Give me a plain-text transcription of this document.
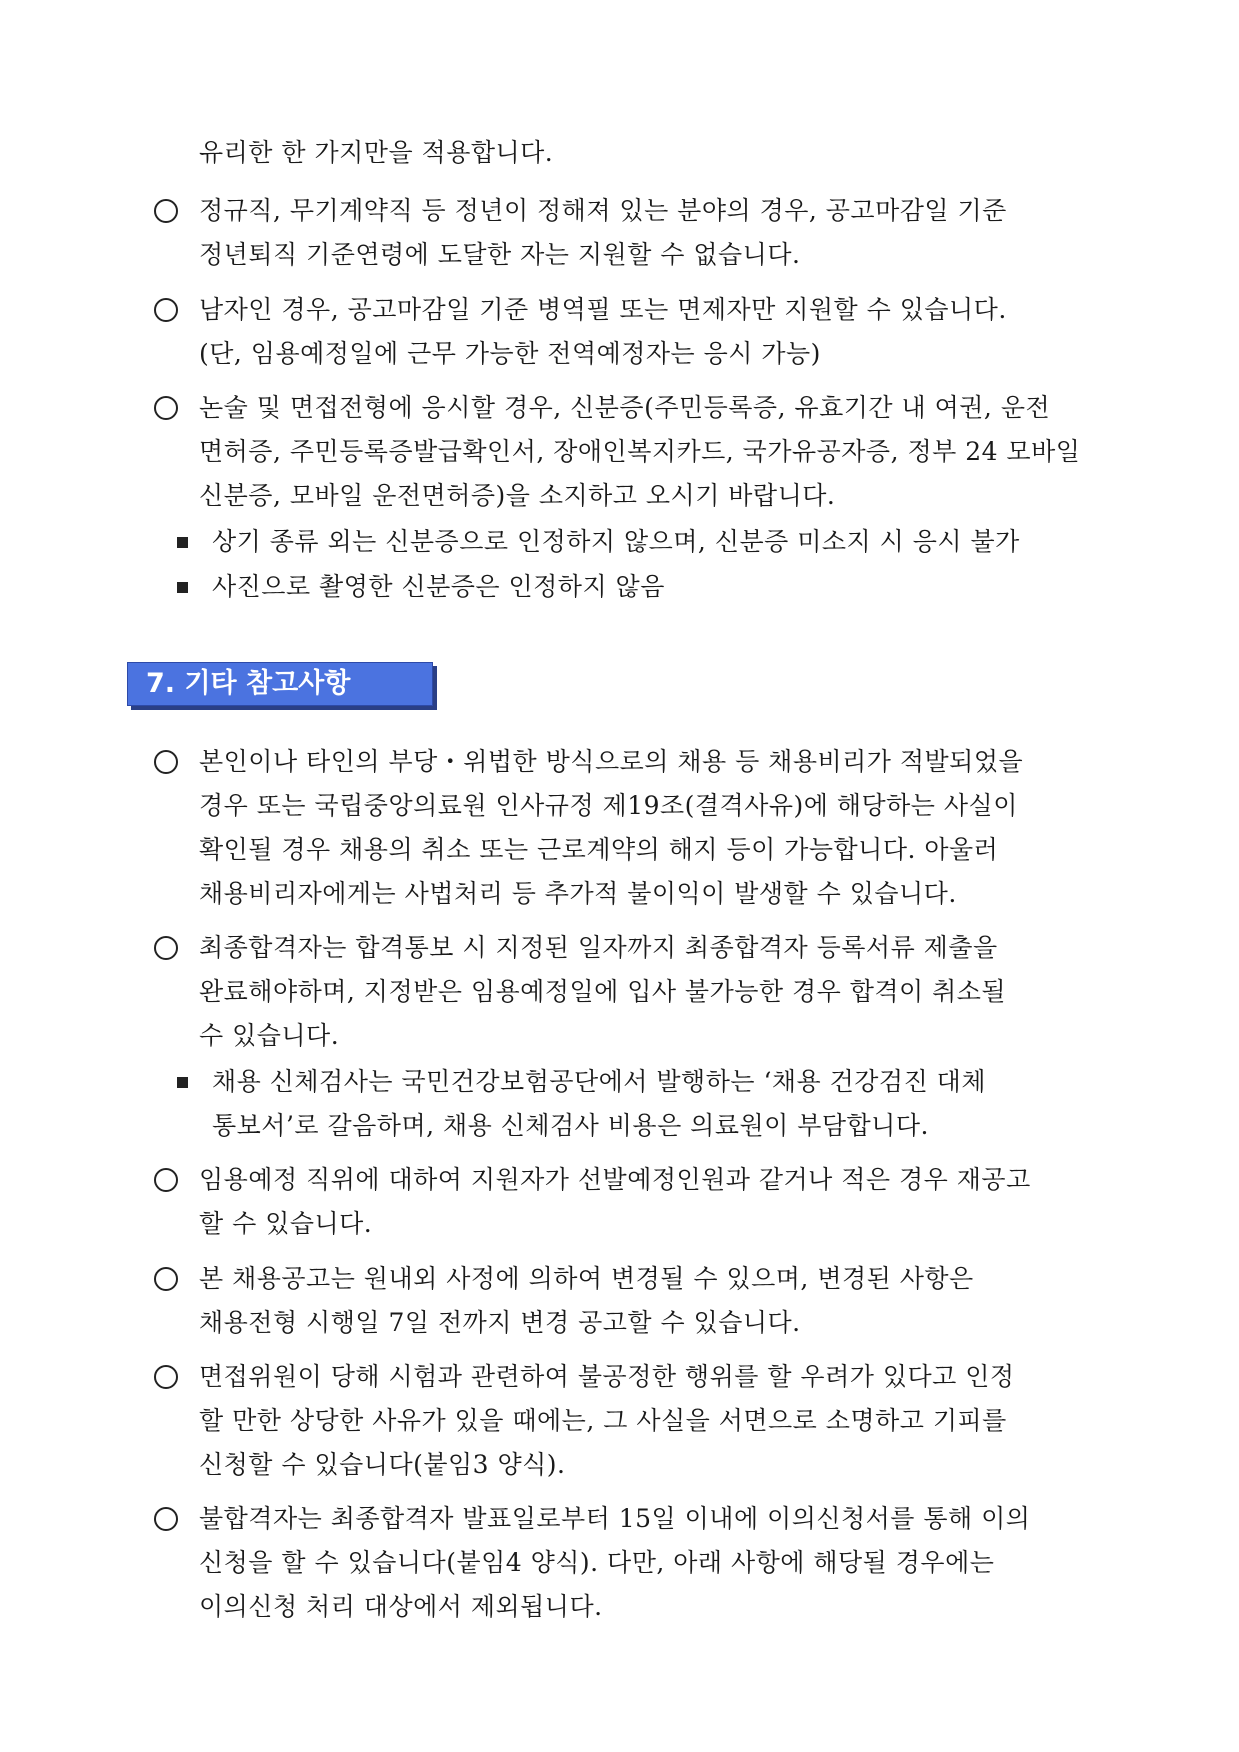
유리한 한 가지만을 적용합니다.
정규직, 무기계약직 등 정년이 정해져 있는 분야의 경우, 공고마감일 기준
정년퇴직 기준연령에 도달한 자는 지원할 수 없습니다.
남자인 경우, 공고마감일 기준 병역필 또는 면제자만 지원할 수 있습니다.
(단, 임용예정일에 근무 가능한 전역예정자는 응시 가능)
논술 및 면접전형에 응시할 경우, 신분증(주민등록증, 유효기간 내 여권, 운전
면허증, 주민등록증발급확인서, 장애인복지카드, 국가유공자증, 정부 24 모바일
신분증, 모바일 운전면허증)을 소지하고 오시기 바랍니다.
상기 종류 외는 신분증으로 인정하지 않으며, 신분증 미소지 시 응시 불가
사진으로 촬영한 신분증은 인정하지 않음
7. 기타 참고사항
본인이나 타인의 부당・위법한 방식으로의 채용 등 채용비리가 적발되었을
경우 또는 국립중앙의료원 인사규정 제19조(결격사유)에 해당하는 사실이
확인될 경우 채용의 취소 또는 근로계약의 해지 등이 가능합니다. 아울러
채용비리자에게는 사법처리 등 추가적 불이익이 발생할 수 있습니다.
최종합격자는 합격통보 시 지정된 일자까지 최종합격자 등록서류 제출을
완료해야하며, 지정받은 임용예정일에 입사 불가능한 경우 합격이 취소될
수 있습니다.
채용 신체검사는 국민건강보험공단에서 발행하는 ‘채용 건강검진 대체
통보서’로 갈음하며, 채용 신체검사 비용은 의료원이 부담합니다.
임용예정 직위에 대하여 지원자가 선발예정인원과 같거나 적은 경우 재공고
할 수 있습니다.
본 채용공고는 원내외 사정에 의하여 변경될 수 있으며, 변경된 사항은
채용전형 시행일 7일 전까지 변경 공고할 수 있습니다.
면접위원이 당해 시험과 관련하여 불공정한 행위를 할 우려가 있다고 인정
할 만한 상당한 사유가 있을 때에는, 그 사실을 서면으로 소명하고 기피를
신청할 수 있습니다(붙임3 양식).
불합격자는 최종합격자 발표일로부터 15일 이내에 이의신청서를 통해 이의
신청을 할 수 있습니다(붙임4 양식). 다만, 아래 사항에 해당될 경우에는
이의신청 처리 대상에서 제외됩니다.
